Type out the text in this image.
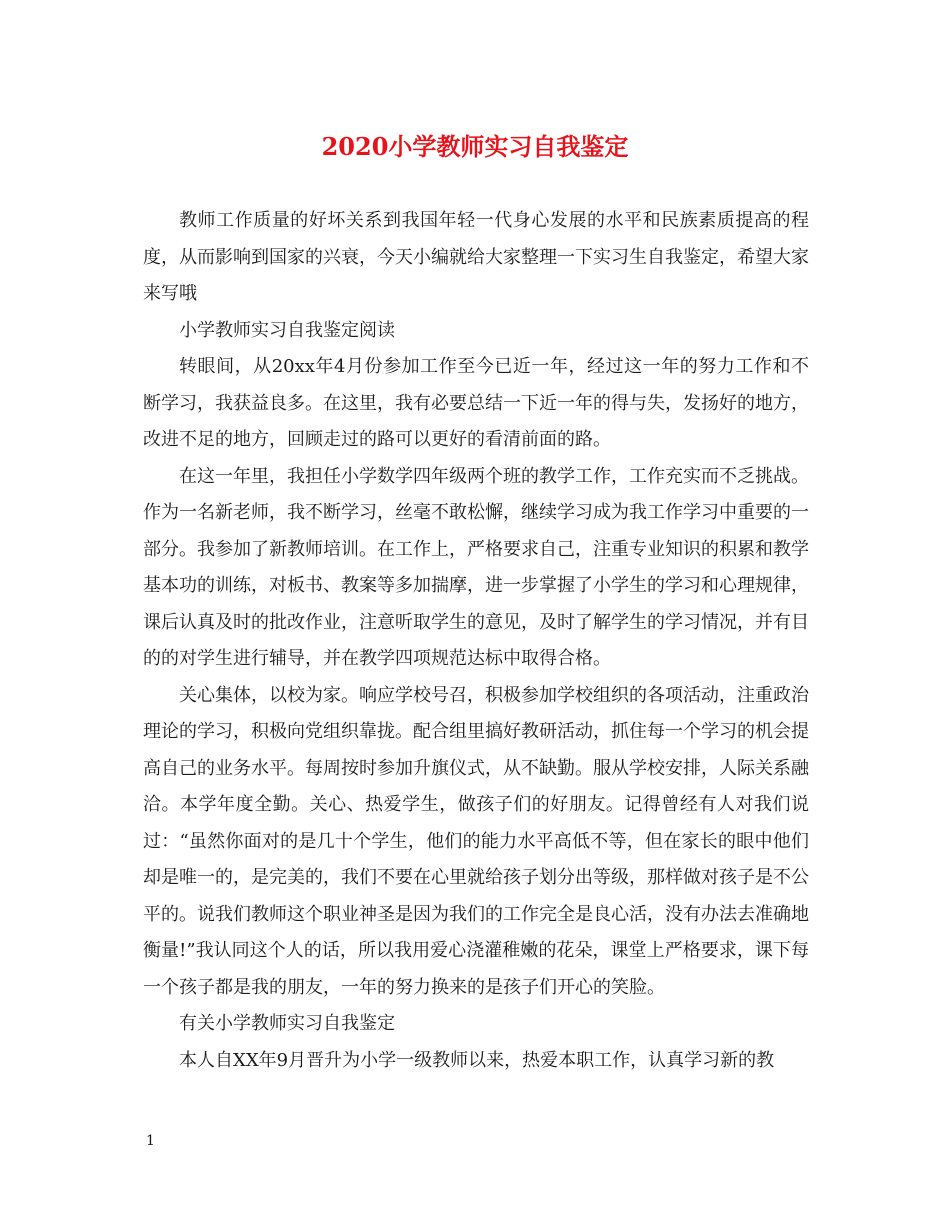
2020小学教师实习自我鉴定

教师工作质量的好坏关系到我国年轻一代身心发展的水平和民族素质提高的程度，从而影响到国家的兴衰，今天小编就给大家整理一下实习生自我鉴定，希望大家来写哦

小学教师实习自我鉴定阅读

转眼间，从20xx年4月份参加工作至今已近一年，经过这一年的努力工作和不断学习，我获益良多。在这里，我有必要总结一下近一年的得与失，发扬好的地方，改进不足的地方，回顾走过的路可以更好的看清前面的路。

在这一年里，我担任小学数学四年级两个班的教学工作，工作充实而不乏挑战。作为一名新老师，我不断学习，丝毫不敢松懈，继续学习成为我工作学习中重要的一部分。我参加了新教师培训。在工作上，严格要求自己，注重专业知识的积累和教学基本功的训练，对板书、教案等多加揣摩，进一步掌握了小学生的学习和心理规律，课后认真及时的批改作业，注意听取学生的意见，及时了解学生的学习情况，并有目的的对学生进行辅导，并在教学四项规范达标中取得合格。

关心集体，以校为家。响应学校号召，积极参加学校组织的各项活动，注重政治理论的学习，积极向党组织靠拢。配合组里搞好教研活动，抓住每一个学习的机会提高自己的业务水平。每周按时参加升旗仪式，从不缺勤。服从学校安排，人际关系融洽。本学年度全勤。关心、热爱学生，做孩子们的好朋友。记得曾经有人对我们说过：“虽然你面对的是几十个学生，他们的能力水平高低不等，但在家长的眼中他们却是唯一的，是完美的，我们不要在心里就给孩子划分出等级，那样做对孩子是不公平的。说我们教师这个职业神圣是因为我们的工作完全是良心活，没有办法去准确地衡量!”我认同这个人的话，所以我用爱心浇灌稚嫩的花朵，课堂上严格要求，课下每一个孩子都是我的朋友，一年的努力换来的是孩子们开心的笑脸。

有关小学教师实习自我鉴定

本人自XX年9月晋升为小学一级教师以来，热爱本职工作，认真学习新的教

1
